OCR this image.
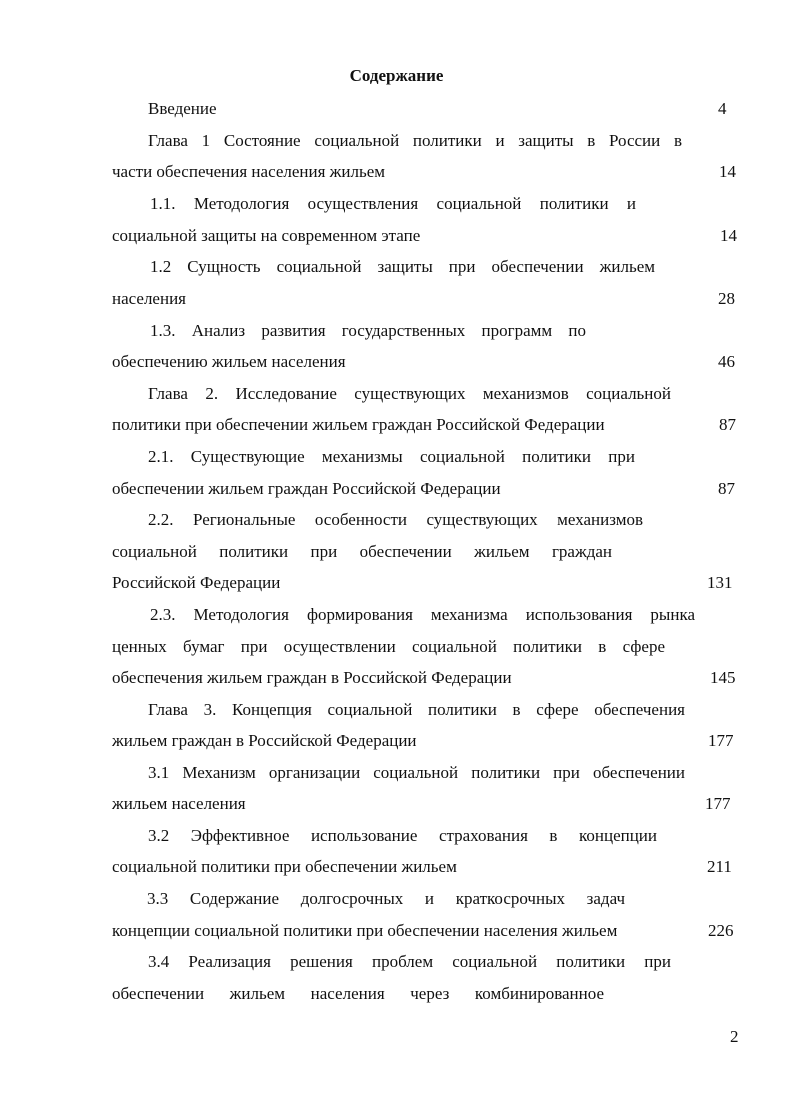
Содержание
Введение	4
Глава 1 Состояние социальной политики и защиты в России в
части обеспечения населения жильем	14
1.1. Методология осуществления социальной политики и
социальной защиты на современном этапе	14
1.2 Сущность социальной защиты при обеспечении жильем
населения	28
1.3. Анализ развития государственных программ по
обеспечению жильем населения	46
Глава 2. Исследование существующих механизмов социальной
политики при обеспечении жильем граждан Российской Федерации	87
2.1. Существующие механизмы социальной политики при
обеспечении жильем граждан Российской Федерации	87
2.2. Региональные особенности существующих механизмов
социальной политики при обеспечении жильем граждан
Российской Федерации	131
2.3. Методология формирования механизма использования рынка
ценных бумаг при осуществлении социальной политики в сфере
обеспечения жильем граждан в Российской Федерации	145
Глава 3. Концепция социальной политики в сфере обеспечения
жильем граждан в Российской Федерации	177
3.1 Механизм организации социальной политики при обеспечении
жильем населения	177
3.2 Эффективное использование страхования в концепции
социальной политики при обеспечении жильем	211
3.3 Содержание долгосрочных и краткосрочных задач
концепции социальной политики при обеспечении населения жильем	226
3.4 Реализация решения проблем социальной политики при
обеспечении жильем населения через комбинированное
2
